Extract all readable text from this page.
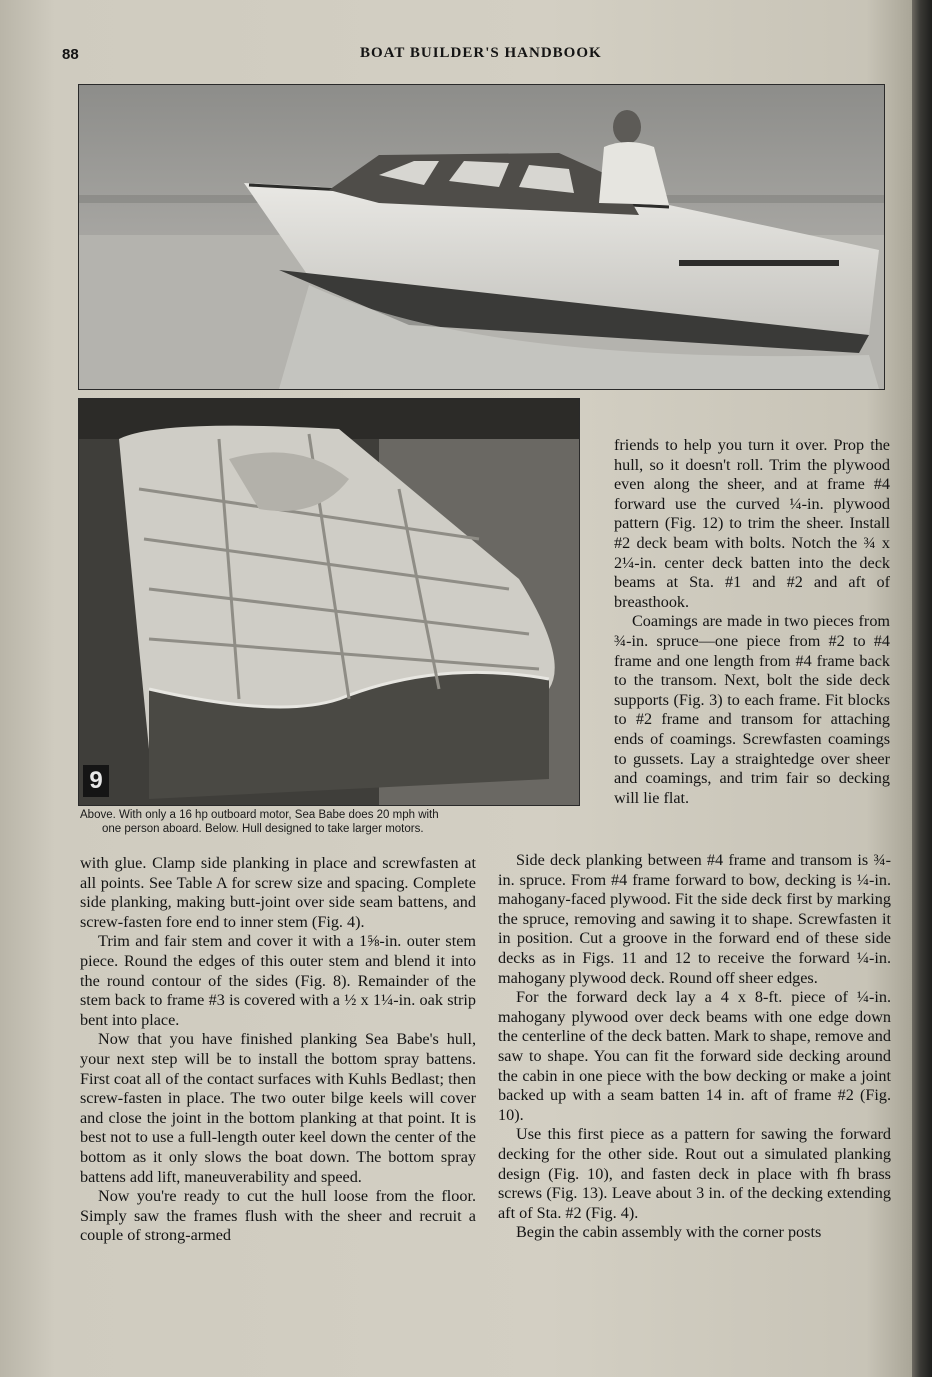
88	BOAT BUILDER'S HANDBOOK
9
Above. With only a 16 hp outboard motor, Sea Babe does 20 mph with
one person aboard. Below. Hull designed to take larger motors.

friends to help you turn it over. Prop the hull, so it doesn't roll. Trim the plywood even along the sheer, and at frame #4 forward use the curved ¼-in. plywood pattern (Fig. 12) to trim the sheer. Install #2 deck beam with bolts. Notch the ¾ x 2¼-in. center deck batten into the deck beams at Sta. #1 and #2 and aft of breasthook.

Coamings are made in two pieces from ¾-in. spruce—one piece from #2 to #4 frame and one length from #4 frame back to the transom. Next, bolt the side deck supports (Fig. 3) to each frame. Fit blocks to #2 frame and transom for attaching ends of coamings. Screwfasten coamings to gussets. Lay a straightedge over sheer and coamings, and trim fair so decking will lie flat.

with glue. Clamp side planking in place and screwfasten at all points. See Table A for screw size and spacing. Complete side planking, making butt-joint over side seam battens, and screw-fasten fore end to inner stem (Fig. 4).

Trim and fair stem and cover it with a 1⅝-in. outer stem piece. Round the edges of this outer stem and blend it into the round contour of the sides (Fig. 8). Remainder of the stem back to frame #3 is covered with a ½ x 1¼-in. oak strip bent into place.

Now that you have finished planking Sea Babe's hull, your next step will be to install the bottom spray battens. First coat all of the contact surfaces with Kuhls Bedlast; then screw-fasten in place. The two outer bilge keels will cover and close the joint in the bottom planking at that point. It is best not to use a full-length outer keel down the center of the bottom as it only slows the boat down. The bottom spray battens add lift, maneuverability and speed.

Now you're ready to cut the hull loose from the floor. Simply saw the frames flush with the sheer and recruit a couple of strong-armed

Side deck planking between #4 frame and transom is ¾-in. spruce. From #4 frame forward to bow, decking is ¼-in. mahogany-faced plywood. Fit the side deck first by marking the spruce, removing and sawing it to shape. Screwfasten it in position. Cut a groove in the forward end of these side decks as in Figs. 11 and 12 to receive the forward ¼-in. mahogany plywood deck. Round off sheer edges.

For the forward deck lay a 4 x 8-ft. piece of ¼-in. mahogany plywood over deck beams with one edge down the centerline of the deck batten. Mark to shape, remove and saw to shape. You can fit the forward side decking around the cabin in one piece with the bow decking or make a joint backed up with a seam batten 14 in. aft of frame #2 (Fig. 10).

Use this first piece as a pattern for sawing the forward decking for the other side. Rout out a simulated planking design (Fig. 10), and fasten deck in place with fh brass screws (Fig. 13). Leave about 3 in. of the decking extending aft of Sta. #2 (Fig. 4).

Begin the cabin assembly with the corner posts
